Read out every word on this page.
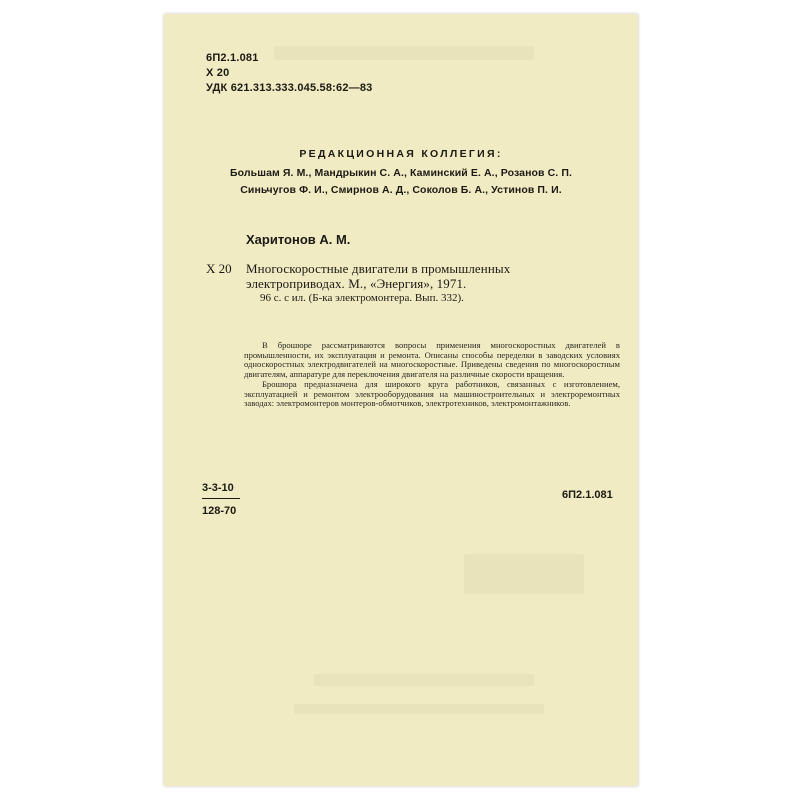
6П2.1.081
Х 20
УДК 621.313.333.045.58:62—83
РЕДАКЦИОННАЯ КОЛЛЕГИЯ:
Большам Я. М., Мандрыкин С. А., Каминский Е. А., Розанов С. П.
Синьчугов Ф. И., Смирнов А. Д., Соколов Б. А., Устинов П. И.
Харитонов А. М.
Х 20 Многоскоростные двигатели в промышленных
электроприводах. М., «Энергия», 1971.
96 с. с ил. (Б-ка электромонтера. Вып. 332).

В брошюре рассматриваются вопросы применения многоскоростных двигателей в промышленности, их эксплуатация и ремонта. Описаны способы переделки в заводских условиях односкоростных электродвигателей на многоскоростные. Приведены сведения по многоскоростным двигателям, аппаратуре для переключения двигателя на различные скорости вращения.

Брошюра предназначена для широкого круга работников, связанных с изготовлением, эксплуатацией и ремонтом электрооборудования на машиностроительных и электроремонтных заводах: электромонтеров монтеров-обмотчиков, электротехников, электромонтажников.

3-3-10
128-70
6П2.1.081
